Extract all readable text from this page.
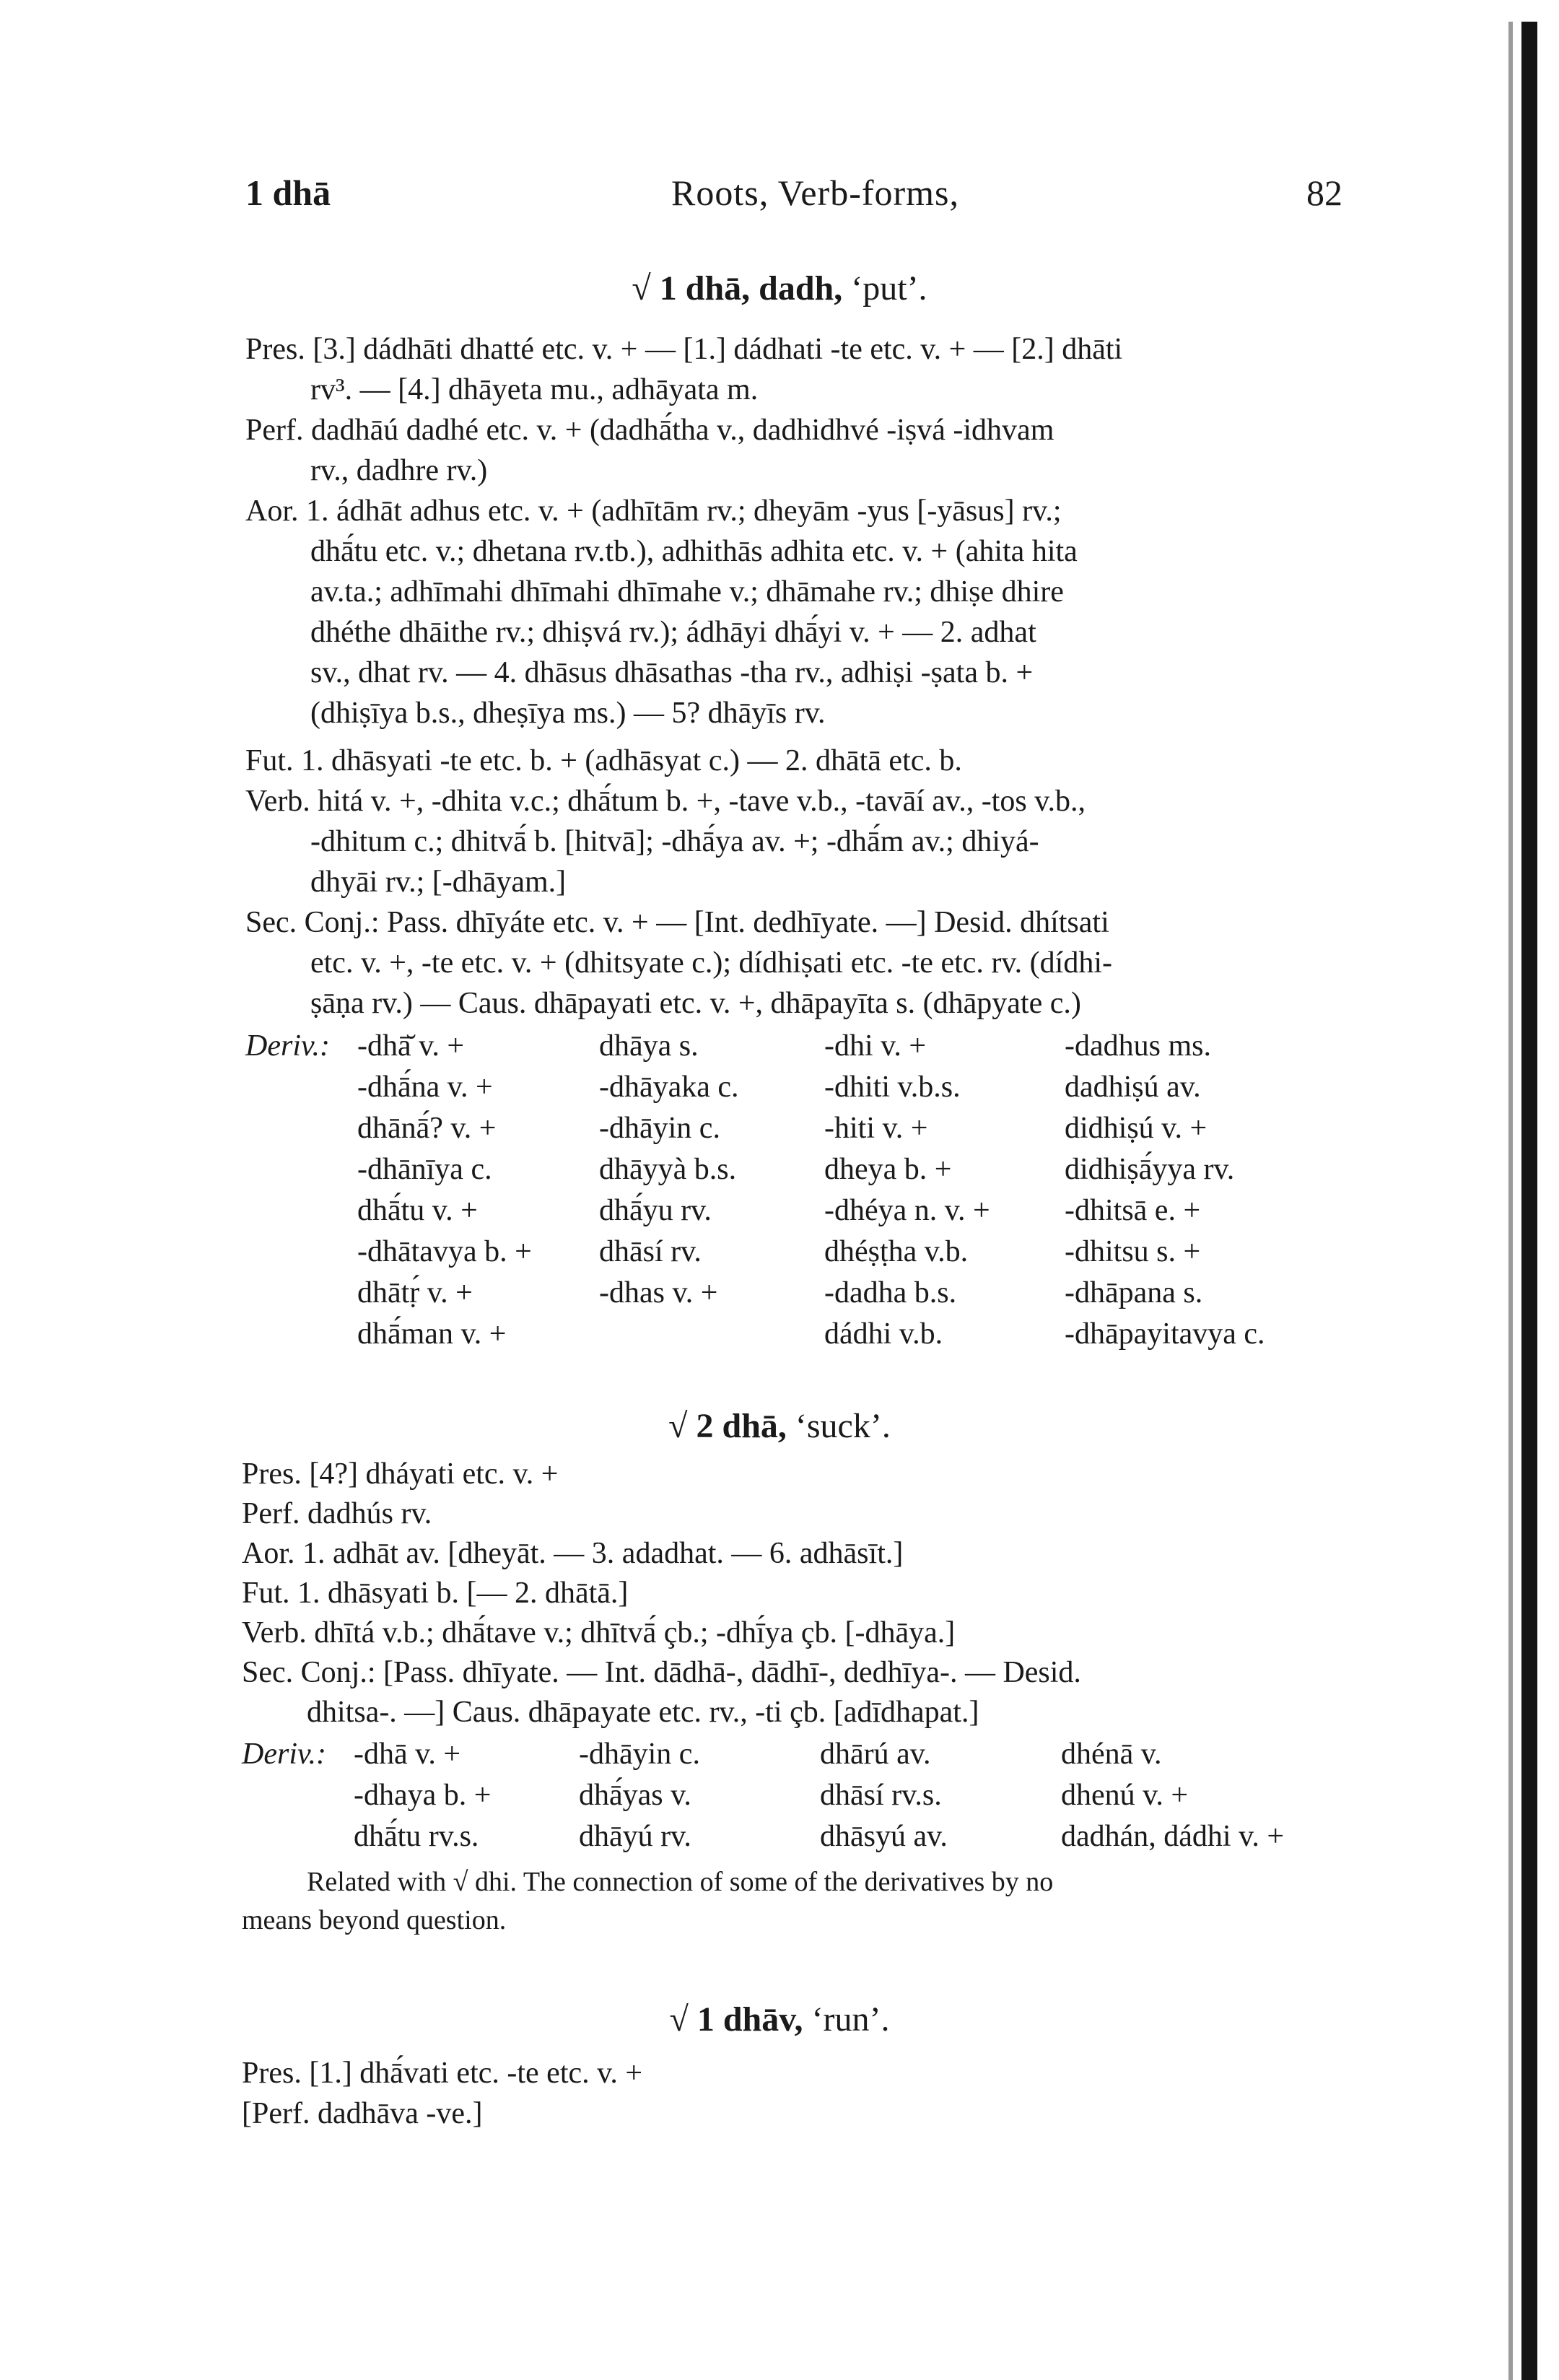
1 dhā	Roots, Verb-forms,	82
√ 1 dhā, dadh, ‘put’.
Pres. [3.] dádhāti dhatté etc. v. + — [1.] dádhati -te etc. v. + — [2.] dhāti
rv³. — [4.] dhāyeta mu., adhāyata m.
Perf. dadhāú dadhé etc. v. + (dadhā́tha v., dadhidhvé -iṣvá -idhvam
rv., dadhre rv.)
Aor. 1. ádhāt adhus etc. v. + (adhītām rv.; dheyām -yus [-yāsus] rv.;
dhā́tu etc. v.; dhetana rv.tb.), adhithās adhita etc. v. + (ahita hita
av.ta.; adhīmahi dhīmahi dhīmahe v.; dhāmahe rv.; dhiṣe dhire
dhéthe dhāithe rv.; dhiṣvá rv.); ádhāyi dhā́yi v. + — 2. adhat
sv., dhat rv. — 4. dhāsus dhāsathas -tha rv., adhiṣi -ṣata b. +
(dhiṣīya b.s., dheṣīya ms.) — 5? dhāyīs rv.
Fut. 1. dhāsyati -te etc. b. + (adhāsyat c.) — 2. dhātā etc. b.
Verb. hitá v. +, -dhita v.c.; dhā́tum b. +, -tave v.b., -tavāí av., -tos v.b.,
-dhitum c.; dhitvā́ b. [hitvā]; -dhā́ya av. +; -dhā́m av.; dhiyá-
dhyāi rv.; [-dhāyam.]
Sec. Conj.: Pass. dhīyáte etc. v. + — [Int. dedhīyate. —] Desid. dhítsati
etc. v. +, -te etc. v. + (dhitsyate c.); dídhiṣati etc. -te etc. rv. (dídhi-
ṣāṇa rv.) — Caus. dhāpayati etc. v. +, dhāpayīta s. (dhāpyate c.)
Deriv.: -dhā̆ v. +
-dhā́na v. +
dhānā́? v. +
-dhānīya c.
dhā́tu v. +
-dhātavya b. +
dhātṛ́ v. +
dhā́man v. +
dhāya s.
-dhāyaka c.
-dhāyin c.
dhāyyà b.s.
dhā́yu rv.
dhāsí rv.
-dhas v. +
-dhi v. +
-dhiti v.b.s.
-hiti v. +
dheya b. +
-dhéya n. v. +
dhéṣṭha v.b.
-dadha b.s.
dádhi v.b.
-dadhus ms.
dadhiṣú av.
didhiṣú v. +
didhiṣā́yya rv.
-dhitsā e. +
-dhitsu s. +
-dhāpana s.
-dhāpayitavya c.
√ 2 dhā, ‘suck’.
Pres. [4?] dháyati etc. v. +
Perf. dadhús rv.
Aor. 1. adhāt av. [dheyāt. — 3. adadhat. — 6. adhāsīt.]
Fut. 1. dhāsyati b. [— 2. dhātā.]
Verb. dhītá v.b.; dhā́tave v.; dhītvā́ çb.; -dhī́ya çb. [-dhāya.]
Sec. Conj.: [Pass. dhīyate. — Int. dādhā-, dādhī-, dedhīya-. — Desid.
dhitsa-. —] Caus. dhāpayate etc. rv., -ti çb. [adīdhapat.]
Deriv.: -dhā v. +
-dhaya b. +
dhā́tu rv.s.
-dhāyin c.
dhā́yas v.
dhāyú rv.
dhārú av.
dhāsí rv.s.
dhāsyú av.
dhénā v.
dhenú v. +
dadhán, dádhi v. +
Related with √ dhi. The connection of some of the derivatives by no
means beyond question.
√ 1 dhāv, ‘run’.
Pres. [1.] dhā́vati etc. -te etc. v. +
[Perf. dadhāva -ve.]
